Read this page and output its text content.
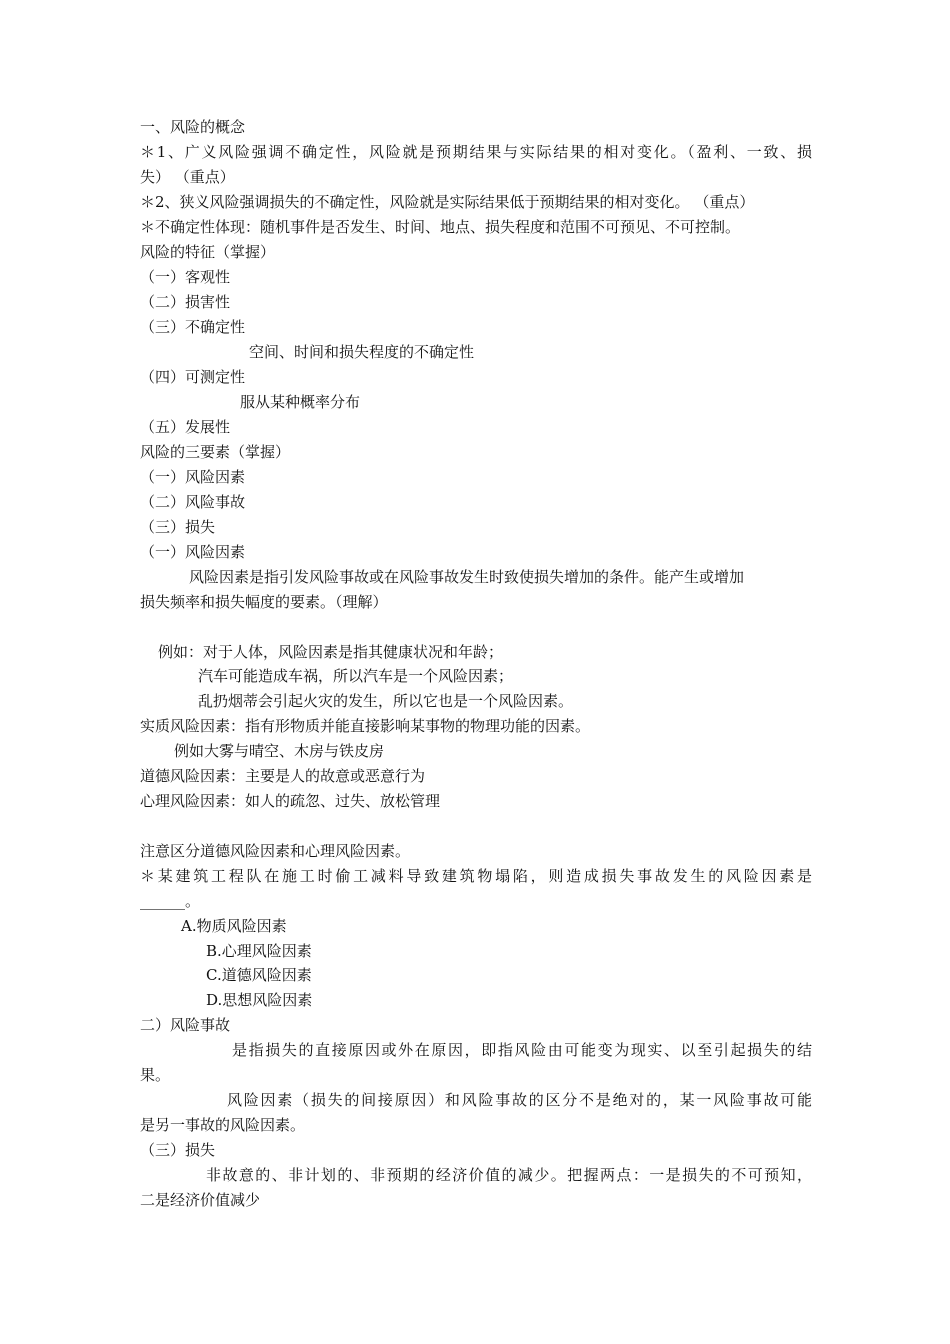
一、风险的概念
＊1、广义风险强调不确定性，风险就是预期结果与实际结果的相对变化。（盈利、一致、损
失） （重点）
＊2、狭义风险强调损失的不确定性，风险就是实际结果低于预期结果的相对变化。 （重点）
＊不确定性体现：随机事件是否发生、时间、地点、损失程度和范围不可预见、不可控制。
风险的特征（掌握）
（一）客观性
（二）损害性
（三）不确定性
空间、时间和损失程度的不确定性
（四）可测定性
服从某种概率分布
（五）发展性
风险的三要素（掌握）
（一）风险因素
（二）风险事故
（三）损失
（一）风险因素
风险因素是指引发风险事故或在风险事故发生时致使损失增加的条件。能产生或增加
损失频率和损失幅度的要素。（理解）
例如：对于人体，风险因素是指其健康状况和年龄；
汽车可能造成车祸，所以汽车是一个风险因素；
乱扔烟蒂会引起火灾的发生，所以它也是一个风险因素。
实质风险因素：指有形物质并能直接影响某事物的物理功能的因素。
例如大雾与晴空、木房与铁皮房
道德风险因素：主要是人的故意或恶意行为
心理风险因素：如人的疏忽、过失、放松管理
注意区分道德风险因素和心理风险因素。
＊某建筑工程队在施工时偷工减料导致建筑物塌陷，则造成损失事故发生的风险因素是
______。
A.物质风险因素
B.心理风险因素
C.道德风险因素
D.思想风险因素
二）风险事故
是指损失的直接原因或外在原因，即指风险由可能变为现实、以至引起损失的结
果。
风险因素（损失的间接原因）和风险事故的区分不是绝对的，某一风险事故可能
是另一事故的风险因素。
（三）损失
非故意的、非计划的、非预期的经济价值的减少。把握两点：一是损失的不可预知，
二是经济价值减少
